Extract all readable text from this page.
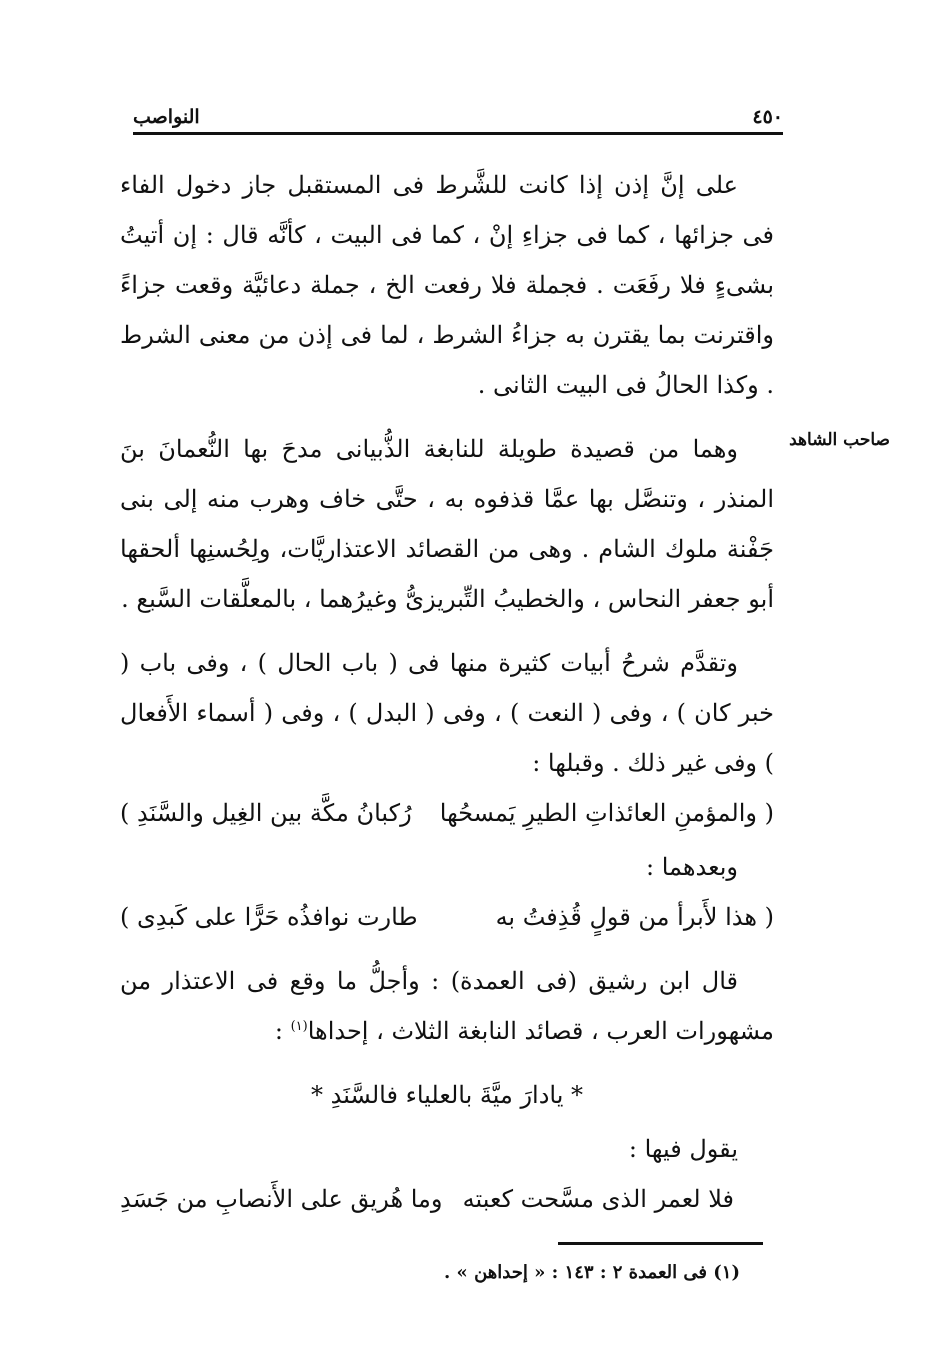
٤٥٠
النواصب
صاحب الشاهد

على إنَّ إذن إذا كانت للشَّرط فى المستقبل جاز دخول الفاء فى جزائها ، كما فى جزاءِ إنْ ، كما فى البيت ، كأنَّه قال : إن أتيتُ بشىءٍ فلا رفَعَت . فجملة فلا رفعت الخ ، جملة دعائيَّة وقعت جزاءً واقترنت بما يقترن به جزاءُ الشرط ، لما فى إذن من معنى الشرط . وكذا الحالُ فى البيت الثانى .

وهما من قصيدة طويلة للنابغة الذُّبيانى مدحَ بها النُّعمانَ بنَ المنذر ، وتنصَّل بها عمَّا قذفوه به ، حتَّى خاف وهرب منه إلى بنى جَفْنة ملوك الشام . وهى من القصائد الاعتذاريَّات، ولِحُسنِها ألحقها أبو جعفر النحاس ، والخطيبُ التِّبريزىُّ وغيرُهما ، بالمعلَّقات السَّبع .

وتقدَّم شرحُ أبيات كثيرة منها فى ( باب الحال ) ، وفى باب ( خبر كان ) ، وفى ( النعت ) ، وفى ( البدل ) ، وفى ( أسماء الأَفعال ) وفى غير ذلك . وقبلها :

( والمؤمنِ العائذاتِ الطيرِ يَمسحُها
رُكبانُ مكَّة بين الغِيل والسَّنَدِ )

وبعدهما :

( هذا لأَبرأ من قولٍ قُذِفتُ به
طارت نوافذُه حَرًّا على كَبدِى )

قال ابن رشيق (فى العمدة) : وأجلُّ ما وقع فى الاعتذار من مشهورات العرب ، قصائد النابغة الثلاث ، إحداها$^{(١)}$ :

* يادارَ ميَّةَ بالعلياء فالسَّنَدِ *

يقول فيها :

فلا لعمر الذى مسَّحت كعبته
وما هُريق على الأَنصابِ من جَسَدِ
(١) فى العمدة ٢ : ١٤٣ : « إحداهن » .
